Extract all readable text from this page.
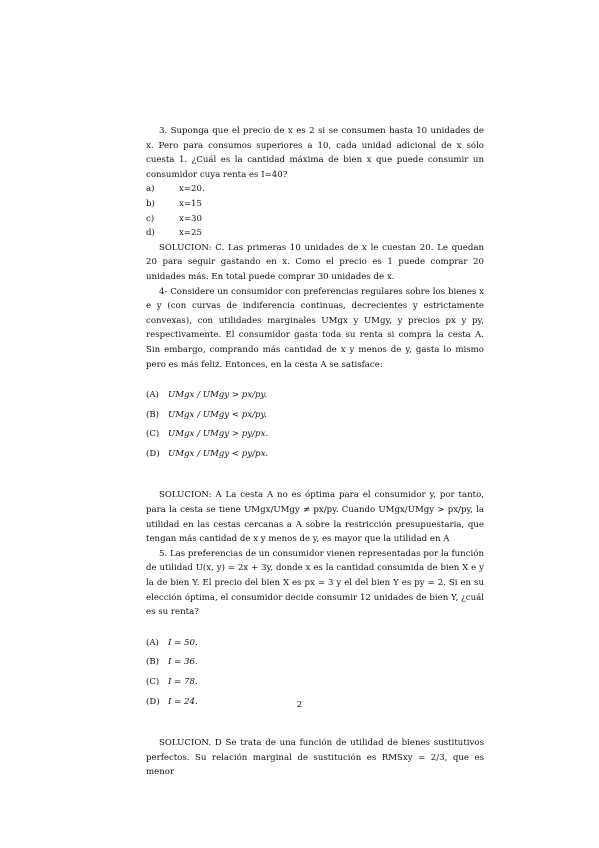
3. Suponga que el precio de x es 2 si se consumen hasta 10 unidades de x. Pero para consumos superiores a 10, cada unidad adicional de x sólo cuesta 1. ¿Cuál es la cantidad máxima de bien x que puede consumir un consumidor cuya renta es I=40?

a)	x=20.
b)	x=15
c)	x=30
d)	x=25

SOLUCION: C. Las primeras 10 unidades de x le cuestan 20. Le quedan 20 para seguir gastando en x. Como el precio es 1 puede comprar 20 unidades más. En total puede comprar 30 unidades de x.

4- Considere un consumidor con preferencias regulares sobre los bienes x e y (con curvas de indiferencia continuas, decrecientes y estrictamente convexas), con utilidades marginales UMgx y UMgy, y precios px y py, respectivamente. El consumidor gasta toda su renta si compra la cesta A. Sin embargo, comprando más cantidad de x y menos de y, gasta lo mismo pero es más feliz. Entonces, en la cesta A se satisface:

(A) UMgx / UMgy > px/py.
(B) UMgx / UMgy < px/py.
(C) UMgx / UMgy > py/px.
(D) UMgx / UMgy < py/px.

SOLUCION: A La cesta A no es óptima para el consumidor y, por tanto, para la cesta se tiene UMgx/UMgy ≠ px/py. Cuando UMgx/UMgy > px/py, la utilidad en las cestas cercanas a A sobre la restricción presupuestaria, que tengan más cantidad de x y menos de y, es mayor que la utilidad en A

5. Las preferencias de un consumidor vienen representadas por la función de utilidad U(x, y) = 2x + 3y, donde x es la cantidad consumida de bien X e y la de bien Y. El precio del bien X es px = 3 y el del bien Y es py = 2. Si en su elección óptima, el consumidor decide consumir 12 unidades de bien Y, ¿cuál es su renta?

(A) I = 50.
(B) I = 36.
(C) I = 78.
(D) I = 24.

SOLUCION. D Se trata de una función de utilidad de bienes sustitutivos perfectos. Su relación marginal de sustitución es RMSxy = 2/3, que es menor

2
